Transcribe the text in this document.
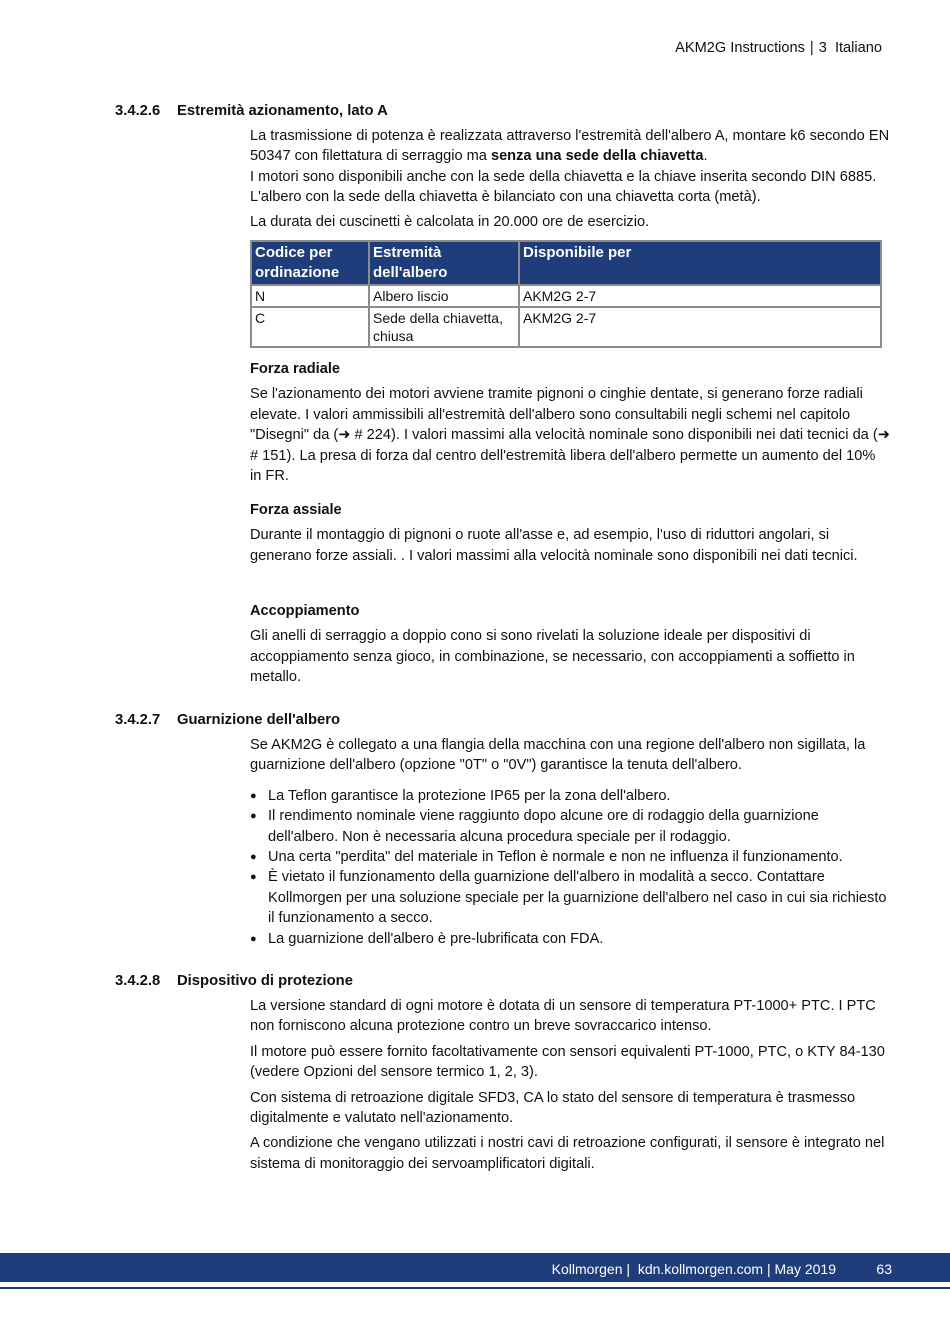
AKM2G Instructions | 3 Italiano
3.4.2.6 Estremità azionamento, lato A

La trasmissione di potenza è realizzata attraverso l'estremità dell'albero A, montare k6 secondo EN 50347 con filettatura di serraggio ma senza una sede della chiavetta.

I motori sono disponibili anche con la sede della chiavetta e la chiave inserita secondo DIN 6885. L'albero con la sede della chiavetta è bilanciato con una chiavetta corta (metà).

La durata dei cuscinetti è calcolata in 20.000 ore de esercizio.

Codice per ordinazione	Estremità dell'albero	Disponibile per
N	Albero liscio	AKM2G 2-7
C	Sede della chiavetta, chiusa	AKM2G 2-7

Forza radiale

Se l'azionamento dei motori avviene tramite pignoni o cinghie dentate, si generano forze radiali elevate. I valori ammissibili all'estremità dell'albero sono consultabili negli schemi nel capitolo "Disegni" da (➜ # 224). I valori massimi alla velocità nominale sono disponibili nei dati tecnici da (➜ # 151). La presa di forza dal centro dell'estremità libera dell'albero permette un aumento del 10% in FR.

Forza assiale

Durante il montaggio di pignoni o ruote all'asse e, ad esempio, l'uso di riduttori angolari, si generano forze assiali. . I valori massimi alla velocità nominale sono disponibili nei dati tecnici.

Accoppiamento

Gli anelli di serraggio a doppio cono si sono rivelati la soluzione ideale per dispositivi di accoppiamento senza gioco, in combinazione, se necessario, con accoppiamenti a soffietto in metallo.

3.4.2.7 Guarnizione dell'albero

Se AKM2G è collegato a una flangia della macchina con una regione dell'albero non sigillata, la guarnizione dell'albero (opzione "0T" o "0V") garantisce la tenuta dell'albero.

● La Teflon garantisce la protezione IP65 per la zona dell'albero.
● Il rendimento nominale viene raggiunto dopo alcune ore di rodaggio della guarnizione dell'albero. Non è necessaria alcuna procedura speciale per il rodaggio.
● Una certa "perdita" del materiale in Teflon è normale e non ne influenza il funzionamento.
● È vietato il funzionamento della guarnizione dell'albero in modalità a secco. Contattare Kollmorgen per una soluzione speciale per la guarnizione dell'albero nel caso in cui sia richiesto il funzionamento a secco.
● La guarnizione dell'albero è pre-lubrificata con FDA.
3.4.2.8 Dispositivo di protezione

La versione standard di ogni motore è dotata di un sensore di temperatura PT-1000+ PTC. I PTC non forniscono alcuna protezione contro un breve sovraccarico intenso.

Il motore può essere fornito facoltativamente con sensori equivalenti PT-1000, PTC, o KTY 84-130 (vedere Opzioni del sensore termico 1, 2, 3).

Con sistema di retroazione digitale SFD3, CA lo stato del sensore di temperatura è trasmesso digitalmente e valutato nell'azionamento.

A condizione che vengano utilizzati i nostri cavi di retroazione configurati, il sensore è integrato nel sistema di monitoraggio dei servoamplificatori digitali.

Kollmorgen |  kdn.kollmorgen.com | May 2019	63
